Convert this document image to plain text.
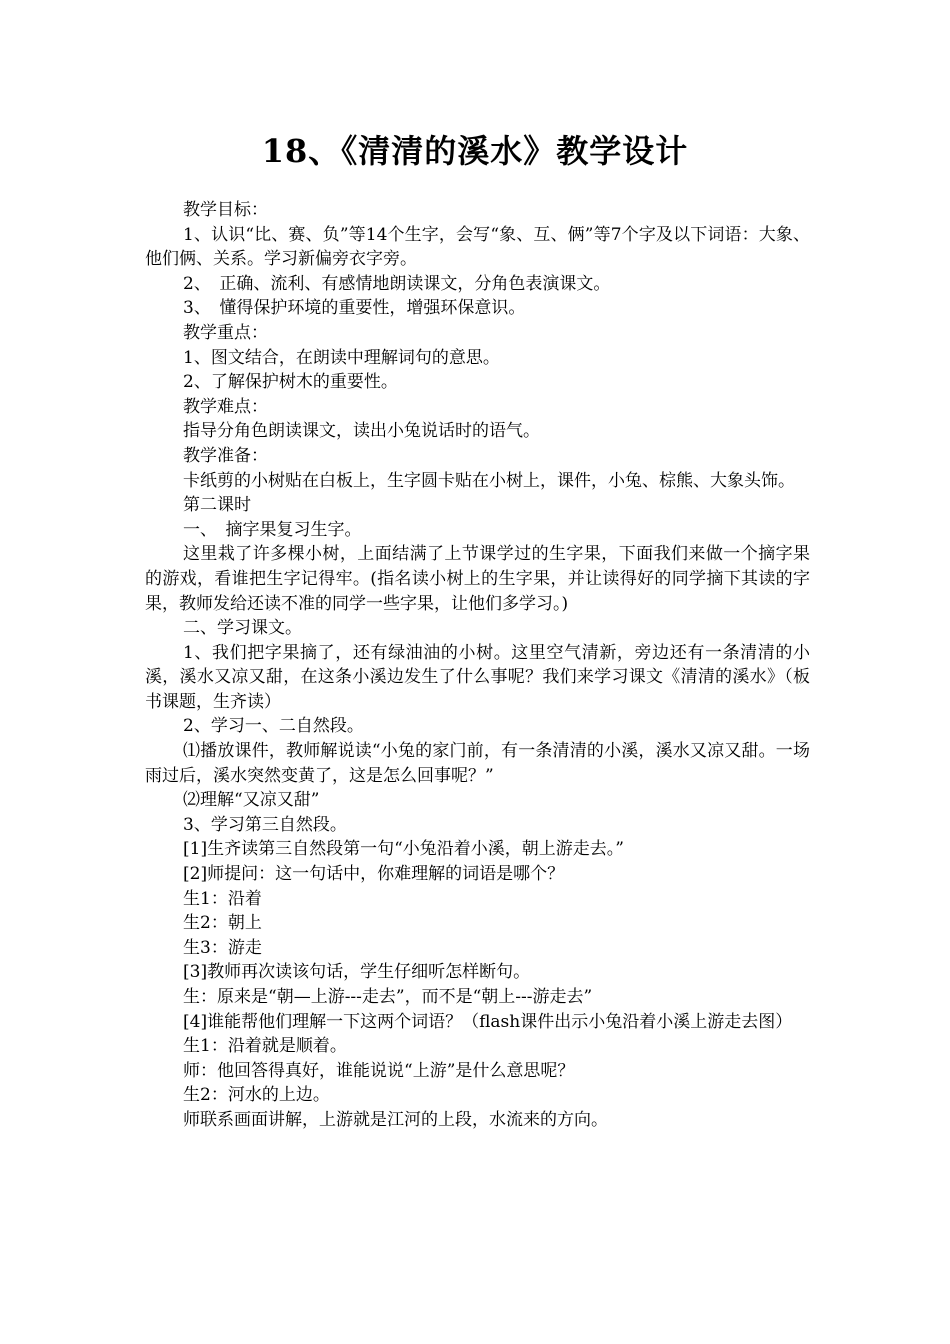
18、《清清的溪水》教学设计

教学目标：

1、认识“比、赛、负”等14个生字，会写“象、互、俩”等7个字及以下词语：大象、他们俩、关系。学习新偏旁衣字旁。

2、　正确、流利、有感情地朗读课文，分角色表演课文。

3、　懂得保护环境的重要性，增强环保意识。

教学重点：

1、图文结合，在朗读中理解词句的意思。

2、了解保护树木的重要性。

教学难点：

指导分角色朗读课文，读出小兔说话时的语气。

教学准备：

卡纸剪的小树贴在白板上，生字圆卡贴在小树上，课件，小兔、棕熊、大象头饰。

第二课时

一、　摘字果复习生字。

这里栽了许多棵小树，上面结满了上节课学过的生字果，下面我们来做一个摘字果的游戏，看谁把生字记得牢。(指名读小树上的生字果，并让读得好的同学摘下其读的字果，教师发给还读不准的同学一些字果，让他们多学习。)

二、学习课文。

1、我们把字果摘了，还有绿油油的小树。这里空气清新，旁边还有一条清清的小溪，溪水又凉又甜，在这条小溪边发生了什么事呢？我们来学习课文《清清的溪水》（板书课题，生齐读）

2、学习一、二自然段。

⑴播放课件，教师解说读“小兔的家门前，有一条清清的小溪，溪水又凉又甜。一场雨过后，溪水突然变黄了，这是怎么回事呢？”

⑵理解“又凉又甜”

3、学习第三自然段。

[1]生齐读第三自然段第一句“小兔沿着小溪，朝上游走去。”

[2]师提问：这一句话中，你难理解的词语是哪个？

生1：沿着

生2：朝上

生3：游走

[3]教师再次读该句话，学生仔细听怎样断句。

生：原来是“朝—上游---走去”，而不是“朝上---游走去”

[4]谁能帮他们理解一下这两个词语？（flash课件出示小兔沿着小溪上游走去图）

生1：沿着就是顺着。

师：他回答得真好，谁能说说“上游”是什么意思呢？

生2：河水的上边。

师联系画面讲解，上游就是江河的上段，水流来的方向。
